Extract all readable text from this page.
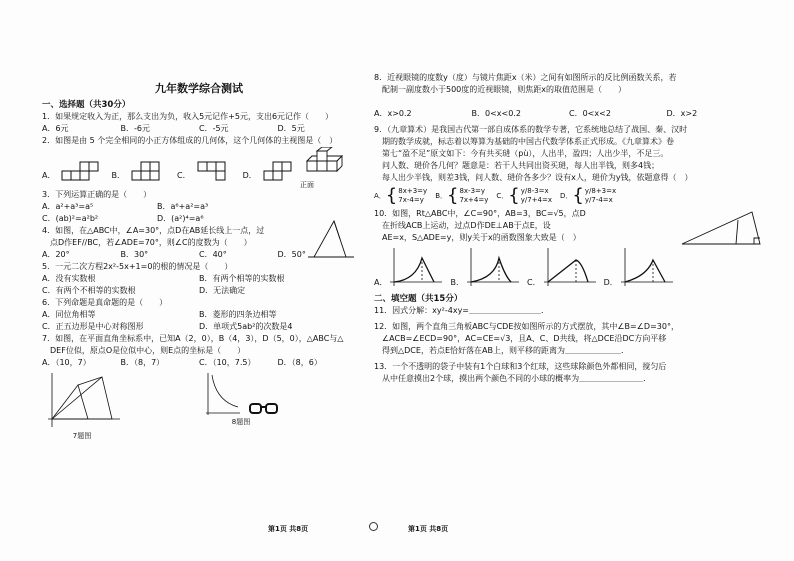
九年数学综合测试
一、选择题（共30分）

1．如果规定收入为正，那么支出为负，收入5元记作+5元，支出6元记作（　　）

A．6元	B．-6元	C．-5元	D．5元

2．如图是由 5 个完全相同的小正方体组成的几何体，这个几何体的主视图是（　）

A．	B．	C．	D．
正面

3．下列运算正确的是（　　）

A．a²+a³=a⁵	B．a⁶+a²=a³
C．(ab)²=a²b²	D．(a²)⁴=a⁶

4．如图，在△ABC中，∠A=30°，点D在AB延长线上一点，过

　点D作EF//BC，若∠ADE=70°，则∠C的度数为（　　）

A．20°	B．30°	C．40°	D．50°

5．一元二次方程2x²-5x+1=0的根的情况是（　　）

A．没有实数根	B．有两个相等的实数根
C．有两个不相等的实数根	D．无法确定

6．下列命题是真命题的是（　　）

A．同位角相等	B．菱形的四条边相等
C．正五边形是中心对称图形	D．单项式5ab²的次数是4

7．如图，在平面直角坐标系中，已知A（2，0），B（4，3），D（5，0），△ABC与△

　DEF位似，原点O是位似中心，则E点的坐标是（　　）

A．（10，7）	B．（8，7）	C．（10，7.5）	D．（8，6）
7题图
8题图

8．近视眼镜的度数y（度）与镜片焦距x（米）之间有如图所示的反比例函数关系，若

　配制一副度数小于500度的近视眼镜，则焦距x的取值范围是（　　）

A．x>0.2	B．0<x<0.2	C．0<x<2	D．x>2

9．（九章算术）是我国古代第一部自成体系的数学专著，它系统地总结了战国、秦、汉时

　期的数学成就，标志着以筹算为基础的中国古代数学体系正式形成。《九章算术》卷

　第七“盈不足”原文如下：今有共买琎（pù），人出半，盈四；人出少半，不足三。

　问人数、琎价各几何？题意是：若干人共同出资买琎，每人出半钱，则多4钱；

　每人出少半钱，则差3钱，问人数、琎价各多少？设有x人，琎价为y钱，依题意得（　）

A． { 8x+3=y
7x-4=y
B． { 8x-3=y
7x+4=y
C． { y/8-3=x
y/7+4=x
D． { y/8+3=x
y/7-4=x

10．如图，Rt△ABC中，∠C=90°，AB=3，BC=√5，点D

　在折线ACB上运动，过点D作DE⊥AB于点E，设

　AE=x，S△ADE=y，则y关于x的函数图象大致是（　）

A．	B．	C．	D．
二、填空题（共15分）

11．因式分解：xy²-4xy=＿＿＿＿＿＿＿＿＿．

12．如图，两个直角三角板ABC与CDE按如图所示的方式摆放，其中∠B=∠D=30°，

　∠ACB=∠ECD=90°，AC=CE=√3，且A、C、D共线，将△DCE沿DC方向平移

　得到△DCE，若点E恰好落在AB上，则平移的距离为＿＿＿＿＿＿＿．

13．一个不透明的袋子中装有1个白球和3个红球，这些球除颜色外都相同，搅匀后

　从中任意摸出2个球，摸出两个颜色不同的小球的概率为＿＿＿＿＿＿＿＿．

第1页 共8页	第1页 共8页
